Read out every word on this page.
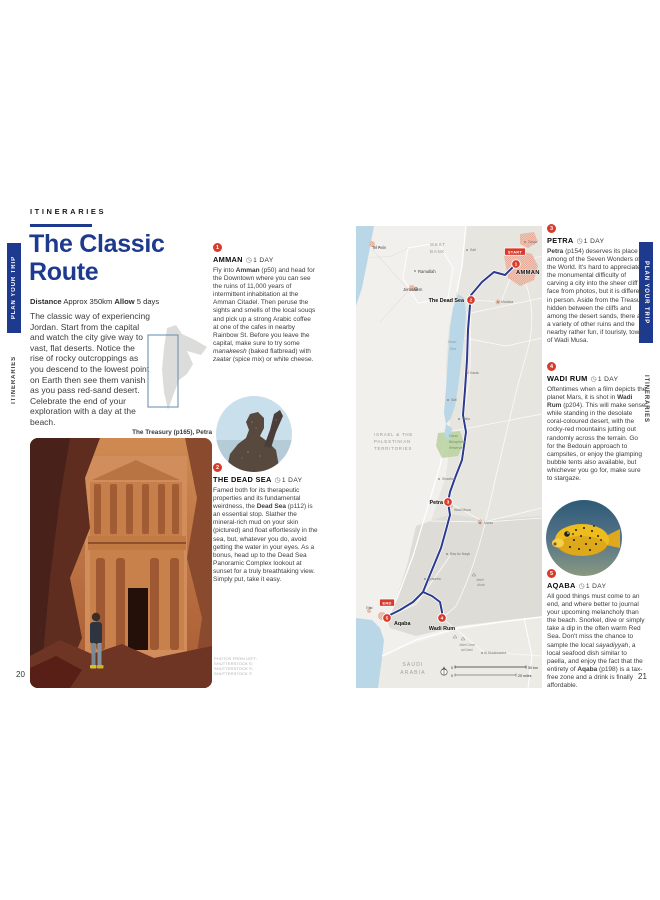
PLAN YOUR TRIP
ITINERARIES
PLAN YOUR TRIP
ITINERARIES
ITINERARIES
The Classic Route
Distance Approx 350km Allow 5 days

The classic way of experiencing Jordan. Start from the capital and watch the city give way to vast, flat deserts. Notice the rise of rocky outcroppings as you descend to the lowest point on Earth then see them vanish as you pass red-sand desert. Celebrate the end of your exploration with a day at the beach.

The Treasury (p165), Petra
1
AMMAN ◷1 DAY

Fly into Amman (p50) and head for the Downtown where you can see the ruins of 11,000 years of intermittent inhabitation at the Amman Citadel. Then peruse the sights and smells of the local souqs and pick up a strong Arabic coffee at one of the cafes in nearby Rainbow St. Before you leave the capital, make sure to try some manakeesh (baked flatbread) with zaatar (spice mix) or white cheese.

2
THE DEAD SEA ◷1 DAY

Famed both for its therapeutic properties and its fundamental weirdness, the Dead Sea (p112) is an essential stop. Slather the mineral-rich mud on your skin (pictured) and float effortlessly in the sea, but, whatever you do, avoid getting the water in your eyes. As a bonus, head up to the Dead Sea Panoramic Complex lookout at sunset for a truly breathtaking view. Simply put, take it easy.

3
PETRA ◷1 DAY

Petra (p154) deserves its place among of the Seven Wonders of the World. It's hard to appreciate the monumental difficulty of carving a city into the sheer cliff face from photos, but it is different in person. Aside from the Treasury hidden between the cliffs and among the desert sands, there are a variety of other ruins and the nearby rather fun, if touristy, town of Wadi Musa.

4
WADI RUM ◷1 DAY

Oftentimes when a film depicts the planet Mars, it is shot in Wadi Rum (p204). This will make sense while standing in the desolate coral-coloured desert, with the rocky-red mountains jutting out randomly across the terrain. Go for the Bedouin approach to campsites, or enjoy the glamping bubble tents also available, but whichever you go for, make sure to stargaze.

5
AQABA ◷1 DAY

All good things must come to an end, and where better to journal your upcoming melancholy than the beach. Snorkel, dive or simply take a dip in the often warm Red Sea. Don't miss the chance to sample the local sayadiyyah, a local seafood dish similar to paella, and enjoy the fact that the entirety of Aqaba (p198) is a tax-free zone and a drink is finally affordable.

0	50 km
0	25 miles
Tel Aviv
WEST
BANK
Ramallah
Jerusalem
Salt
Zarqa
AMMAN
Madaba
The Dead Sea
Dead
Sea
Karak
Safi
Tafila
ISRAEL & THE
PALESTINIAN
TERRITORIES
Dana
Biosphere
Reserve
Shawbak
Petra
Wadi Musa
Ma'an
Ras An Naqb
Quweira	Jebel
Atrab
Eilat
Aqaba
Wadi Rum
Jebel Umm
ad Dami
Al Mudawwara
SAUDI
ARABIA
START
END
1
2
3
4
5
20	21
PHOTOS FROM LEFT:
SHUTTERSTOCK ©;
SHUTTERSTOCK ©;
SHUTTERSTOCK ©
